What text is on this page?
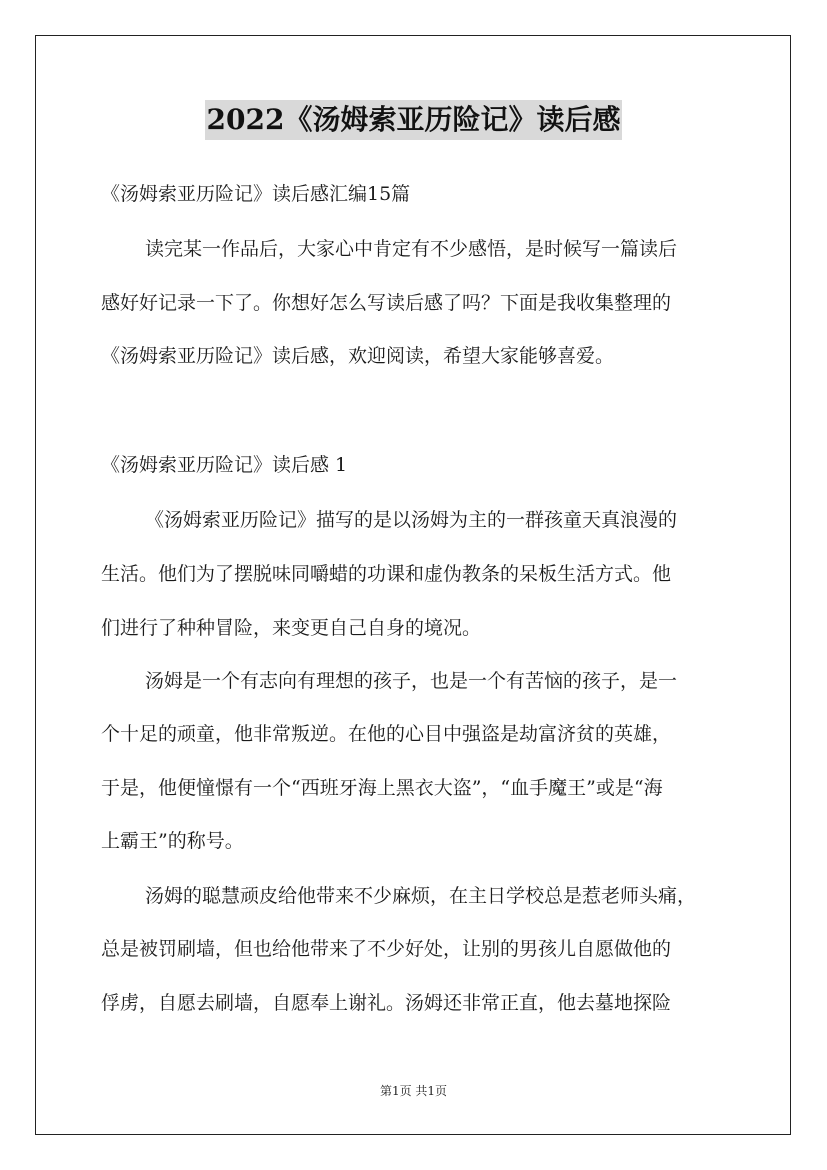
2022《汤姆索亚历险记》读后感
《汤姆索亚历险记》读后感汇编15篇
读完某一作品后，大家心中肯定有不少感悟，是时候写一篇读后
感好好记录一下了。你想好怎么写读后感了吗？下面是我收集整理的
《汤姆索亚历险记》读后感，欢迎阅读，希望大家能够喜爱。
《汤姆索亚历险记》读后感 1
《汤姆索亚历险记》描写的是以汤姆为主的一群孩童天真浪漫的
生活。他们为了摆脱味同嚼蜡的功课和虚伪教条的呆板生活方式。他
们进行了种种冒险，来变更自己自身的境况。
汤姆是一个有志向有理想的孩子，也是一个有苦恼的孩子，是一
个十足的顽童，他非常叛逆。在他的心目中强盗是劫富济贫的英雄，
于是，他便憧憬有一个“西班牙海上黑衣大盗”，“血手魔王”或是“海
上霸王”的称号。
汤姆的聪慧顽皮给他带来不少麻烦，在主日学校总是惹老师头痛，
总是被罚刷墙，但也给他带来了不少好处，让别的男孩儿自愿做他的
俘虏，自愿去刷墙，自愿奉上谢礼。汤姆还非常正直，他去墓地探险
第1页 共1页
